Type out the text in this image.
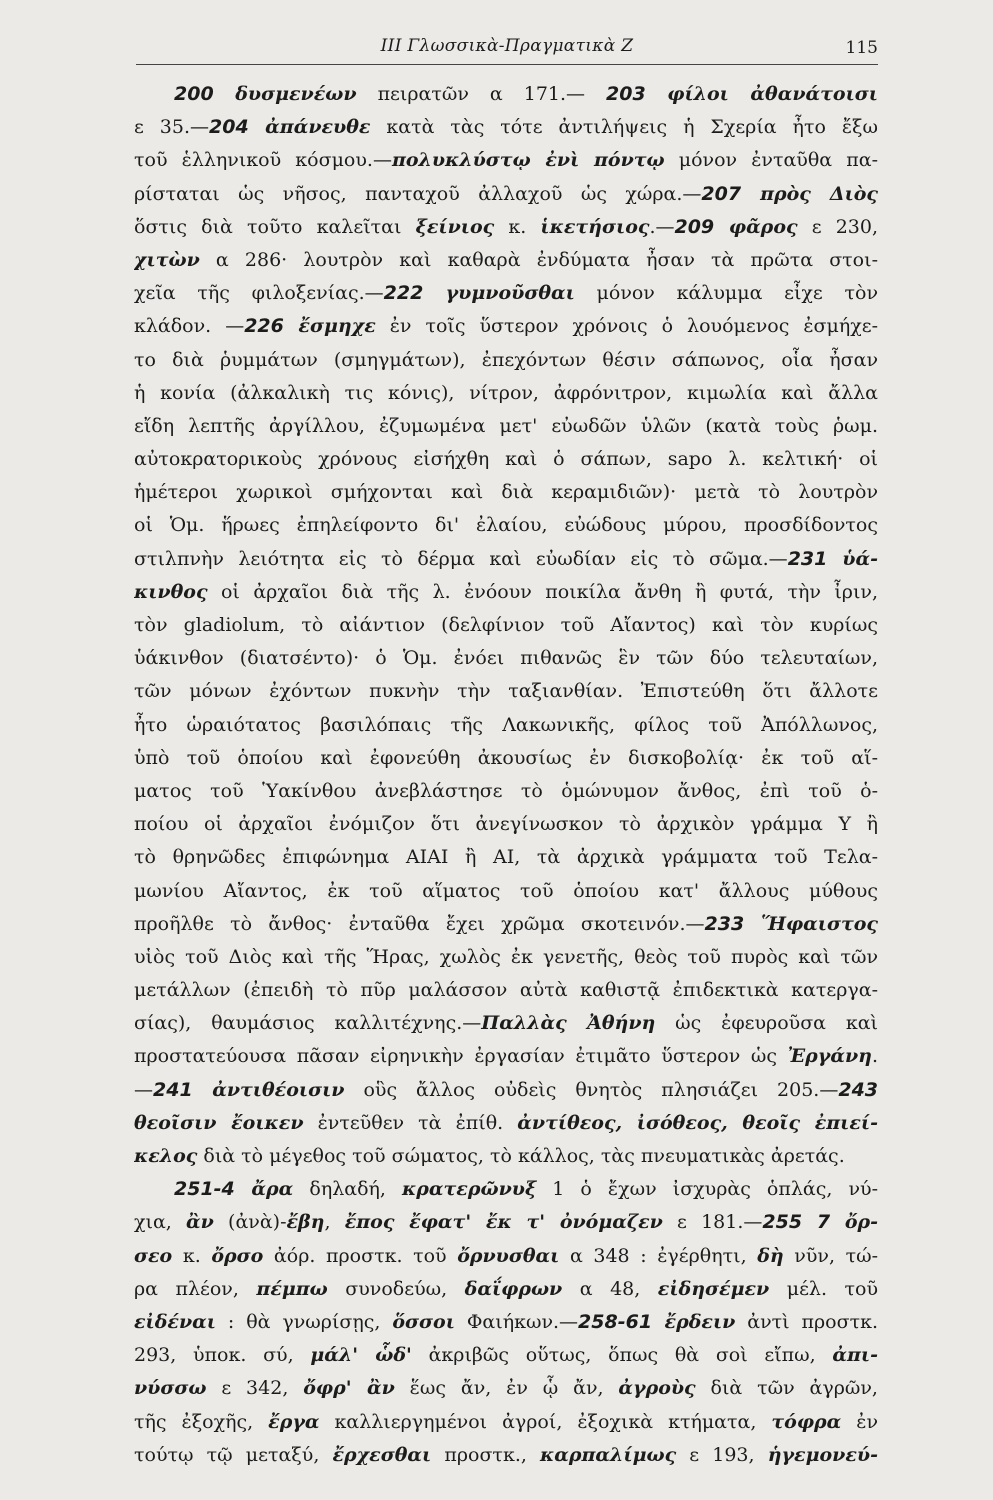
III Γλωσσικὰ-Πραγματικὰ Ζ	115
200 δυσμενέων πειρατῶν α 171.— 203 φίλοι ἀθανάτοισι
ε 35.—204 ἀπάνευθε κατὰ τὰς τότε ἀντιλήψεις ἡ Σχερία ἦτο ἔξω
τοῦ ἑλληνικοῦ κόσμου.—πολυκλύστῳ ἐνὶ πόντῳ μόνον ἐνταῦθα πα-
ρίσταται ὡς νῆσος, πανταχοῦ ἀλλαχοῦ ὡς χώρα.—207 πρὸς Διὸς
ὅστις διὰ τοῦτο καλεῖται ξείνιος κ. ἱκετήσιος.—209 φᾶρος ε 230,
χιτὼν α 286· λουτρὸν καὶ καθαρὰ ἐνδύματα ἦσαν τὰ πρῶτα στοι-
χεῖα τῆς φιλοξενίας.—222 γυμνοῦσθαι μόνον κάλυμμα εἶχε τὸν
κλάδον. —226 ἔσμηχε ἐν τοῖς ὕστερον χρόνοις ὁ λουόμενος ἐσμήχε-
το διὰ ῥυμμάτων (σμηγμάτων), ἐπεχόντων θέσιν σάπωνος, οἷα ἦσαν
ἡ κονία (ἀλκαλικὴ τις κόνις), νίτρον, ἀφρόνιτρον, κιμωλία καὶ ἄλλα
εἴδη λεπτῆς ἀργίλλου, ἐζυμωμένα μετ' εὐωδῶν ὑλῶν (κατὰ τοὺς ῥωμ.
αὐτοκρατορικοὺς χρόνους εἰσήχθη καὶ ὁ σάπων, sapo λ. κελτική· οἱ
ἡμέτεροι χωρικοὶ σμήχονται καὶ διὰ κεραμιδιῶν)· μετὰ τὸ λουτρὸν
οἱ Ὁμ. ἥρωες ἐπηλείφοντο δι' ἐλαίου, εὐώδους μύρου, προσδίδοντος
στιλπνὴν λειότητα εἰς τὸ δέρμα καὶ εὐωδίαν εἰς τὸ σῶμα.—231 ὑά-
κινθος οἱ ἀρχαῖοι διὰ τῆς λ. ἐνόουν ποικίλα ἄνθη ἢ φυτά, τὴν ἶριν,
τὸν gladiolum, τὸ αἰάντιον (δελφίνιον τοῦ Αἴαντος) καὶ τὸν κυρίως
ὑάκινθον (διατσέντο)· ὁ Ὁμ. ἐνόει πιθανῶς ἓν τῶν δύο τελευταίων,
τῶν μόνων ἐχόντων πυκνὴν τὴν ταξιανθίαν. Ἐπιστεύθη ὅτι ἄλλοτε
ἦτο ὡραιότατος βασιλόπαις τῆς Λακωνικῆς, φίλος τοῦ Ἀπόλλωνος,
ὑπὸ τοῦ ὁποίου καὶ ἐφονεύθη ἀκουσίως ἐν δισκοβολίᾳ· ἐκ τοῦ αἵ-
ματος τοῦ Ὑακίνθου ἀνεβλάστησε τὸ ὁμώνυμον ἄνθος, ἐπὶ τοῦ ὁ-
ποίου οἱ ἀρχαῖοι ἐνόμιζον ὅτι ἀνεγίνωσκον τὸ ἀρχικὸν γράμμα Υ ἢ
τὸ θρηνῶδες ἐπιφώνημα ΑΙΑΙ ἢ ΑΙ, τὰ ἀρχικὰ γράμματα τοῦ Τελα-
μωνίου Αἴαντος, ἐκ τοῦ αἵματος τοῦ ὁποίου κατ' ἄλλους μύθους
προῆλθε τὸ ἄνθος· ἐνταῦθα ἔχει χρῶμα σκοτεινόν.—233 Ἥφαιστος
υἱὸς τοῦ Διὸς καὶ τῆς Ἥρας, χωλὸς ἐκ γενετῆς, θεὸς τοῦ πυρὸς καὶ τῶν
μετάλλων (ἐπειδὴ τὸ πῦρ μαλάσσον αὐτὰ καθιστᾷ ἐπιδεκτικὰ κατεργα-
σίας), θαυμάσιος καλλιτέχνης.—Παλλὰς Ἀθήνη ὡς ἐφευροῦσα καὶ
προστατεύουσα πᾶσαν εἰρηνικὴν ἐργασίαν ἐτιμᾶτο ὕστερον ὡς Ἐργάνη.
—241 ἀντιθέοισιν οὓς ἄλλος οὐδεὶς θνητὸς πλησιάζει 205.—243
θεοῖσιν ἔοικεν ἐντεῦθεν τὰ ἐπίθ. ἀντίθεος, ἰσόθεος, θεοῖς ἐπιεί-
κελος διὰ τὸ μέγεθος τοῦ σώματος, τὸ κάλλος, τὰς πνευματικὰς ἀρετάς.
251-4 ἄρα δηλαδή, κρατερῶνυξ 1 ὁ ἔχων ἰσχυρὰς ὁπλάς, νύ-
χια, ἂν (ἀνὰ)-ἔβη, ἔπος ἔφατ' ἔκ τ' ὀνόμαζεν ε 181.—255 7 ὄρ-
σεο κ. ὄρσο ἀόρ. προστκ. τοῦ ὄρνυσθαι α 348 : ἐγέρθητι, δὴ νῦν, τώ-
ρα πλέον, πέμπω συνοδεύω, δαΐφρων α 48, εἰδησέμεν μέλ. τοῦ
εἰδέναι : θὰ γνωρίσῃς, ὅσσοι Φαιήκων.—258-61 ἔρδειν ἀντὶ προστκ.
293, ὑποκ. σύ, μάλ' ὧδ' ἀκριβῶς οὕτως, ὅπως θὰ σοὶ εἴπω, ἀπι-
νύσσω ε 342, ὄφρ' ἂν ἕως ἄν, ἐν ᾧ ἄν, ἀγροὺς διὰ τῶν ἀγρῶν,
τῆς ἐξοχῆς, ἔργα καλλιεργημένοι ἀγροί, ἐξοχικὰ κτήματα, τόφρα ἐν
τούτῳ τῷ μεταξύ, ἔρχεσθαι προστκ., καρπαλίμως ε 193, ἡγεμονεύ-
